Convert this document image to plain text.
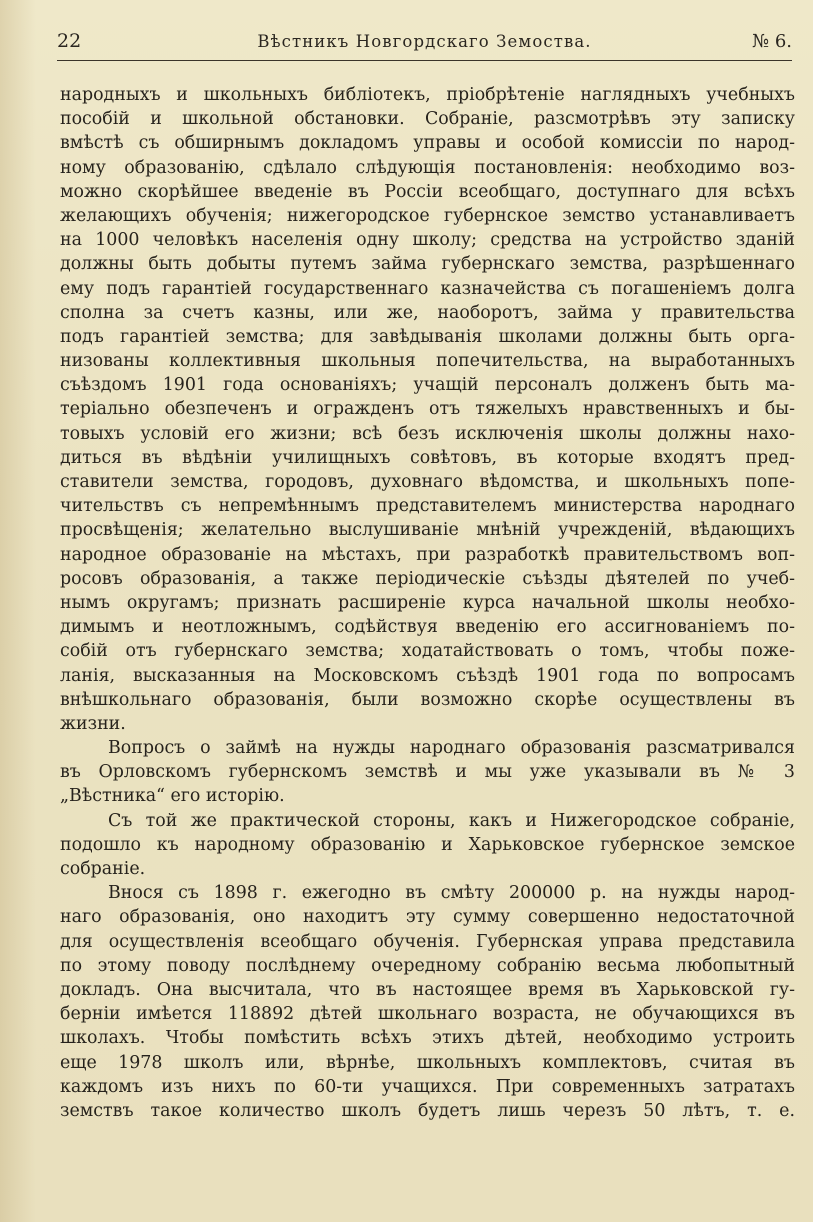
22	Вѣстникъ Новгордскаго Земоства.	№ 6.
народныхъ и школьныхъ библіотекъ, пріобрѣтеніе наглядныхъ учебныхъ
пособій и школьной обстановки. Собраніе, разсмотрѣвъ эту записку
вмѣстѣ съ обширнымъ докладомъ управы и особой комиссіи по народ-
ному образованію, сдѣлало слѣдующія постановленія: необходимо воз-
можно скорѣйшее введеніе въ Россіи всеобщаго, доступнаго для всѣхъ
желающихъ обученія; нижегородское губернское земство устанавливаетъ
на 1000 человѣкъ населенія одну школу; средства на устройство зданій
должны быть добыты путемъ займа губернскаго земства, разрѣшеннаго
ему подъ гарантіей государственнаго казначейства съ погашеніемъ долга
сполна за счетъ казны, или же, наоборотъ, займа у правительства
подъ гарантіей земства; для завѣдыванія школами должны быть орга-
низованы коллективныя школьныя попечительства, на выработанныхъ
съѣздомъ 1901 года основаніяхъ; учащій персоналъ долженъ быть ма-
теріально обезпеченъ и огражденъ отъ тяжелыхъ нравственныхъ и бы-
товыхъ условій его жизни; всѣ безъ исключенія школы должны нахо-
диться въ вѣдѣніи училищныхъ совѣтовъ, въ которые входятъ пред-
ставители земства, городовъ, духовнаго вѣдомства, и школьныхъ попе-
чительствъ съ непремѣннымъ представителемъ министерства народнаго
просвѣщенія; желательно выслушиваніе мнѣній учрежденій, вѣдающихъ
народное образованіе на мѣстахъ, при разработкѣ правительствомъ воп-
росовъ образованія, а также періодическіе съѣзды дѣятелей по учеб-
нымъ округамъ; признать расширеніе курса начальной школы необхо-
димымъ и неотложнымъ, содѣйствуя введенію его ассигнованіемъ по-
собій отъ губернскаго земства; ходатайствовать о томъ, чтобы поже-
ланія, высказанныя на Московскомъ съѣздѣ 1901 года по вопросамъ
внѣшкольнаго образованія, были возможно скорѣе осуществлены въ
жизни.
Вопросъ о займѣ на нужды народнаго образованія разсматривался
въ Орловскомъ губернскомъ земствѣ и мы уже указывали въ № 3
„Вѣстника“ его исторію.
Съ той же практической стороны, какъ и Нижегородское собраніе,
подошло къ народному образованію и Харьковское губернское земское
собраніе.
Внося съ 1898 г. ежегодно въ смѣту 200000 р. на нужды народ-
наго образованія, оно находитъ эту сумму совершенно недостаточной
для осуществленія всеобщаго обученія. Губернская управа представила
по этому поводу послѣднему очередному собранію весьма любопытный
докладъ. Она высчитала, что въ настоящее время въ Харьковской гу-
берніи имѣется 118892 дѣтей школьнаго возраста, не обучающихся въ
школахъ. Чтобы помѣстить всѣхъ этихъ дѣтей, необходимо устроить
еще 1978 школъ или, вѣрнѣе, школьныхъ комплектовъ, считая въ
каждомъ изъ нихъ по 60-ти учащихся. При современныхъ затратахъ
земствъ такое количество школъ будетъ лишь черезъ 50 лѣтъ, т. е.
